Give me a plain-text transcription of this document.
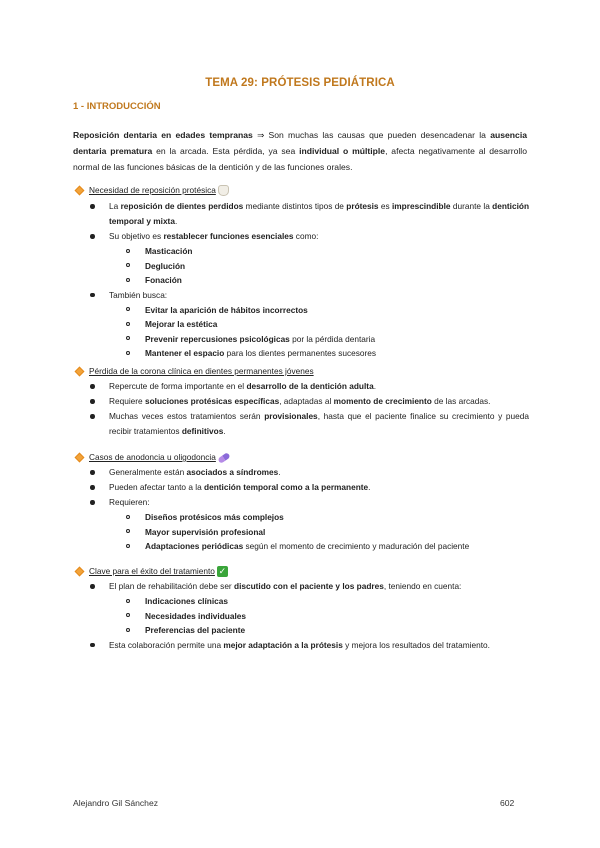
TEMA 29: PRÓTESIS PEDIÁTRICA
1 - INTRODUCCIÓN

Reposición dentaria en edades tempranas ⇒ Son muchas las causas que pueden desencadenar la ausencia dentaria prematura en la arcada. Esta pérdida, ya sea individual o múltiple, afecta negativamente al desarrollo normal de las funciones básicas de la dentición y de las funciones orales.

Necesidad de reposición protésica
La reposición de dientes perdidos mediante distintos tipos de prótesis es imprescindible durante la dentición temporal y mixta.
Su objetivo es restablecer funciones esenciales como:
Masticación
Deglución
Fonación
También busca:
Evitar la aparición de hábitos incorrectos
Mejorar la estética
Prevenir repercusiones psicológicas por la pérdida dentaria
Mantener el espacio para los dientes permanentes sucesores
Pérdida de la corona clínica en dientes permanentes jóvenes
Repercute de forma importante en el desarrollo de la dentición adulta.
Requiere soluciones protésicas específicas, adaptadas al momento de crecimiento de las arcadas.
Muchas veces estos tratamientos serán provisionales, hasta que el paciente finalice su crecimiento y pueda recibir tratamientos definitivos.
Casos de anodoncia u oligodoncia
Generalmente están asociados a síndromes.
Pueden afectar tanto a la dentición temporal como a la permanente.
Requieren:
Diseños protésicos más complejos
Mayor supervisión profesional
Adaptaciones periódicas según el momento de crecimiento y maduración del paciente
Clave para el éxito del tratamiento ✓
El plan de rehabilitación debe ser discutido con el paciente y los padres, teniendo en cuenta:
Indicaciones clínicas
Necesidades individuales
Preferencias del paciente
Esta colaboración permite una mejor adaptación a la prótesis y mejora los resultados del tratamiento.
Alejandro Gil Sánchez	602
